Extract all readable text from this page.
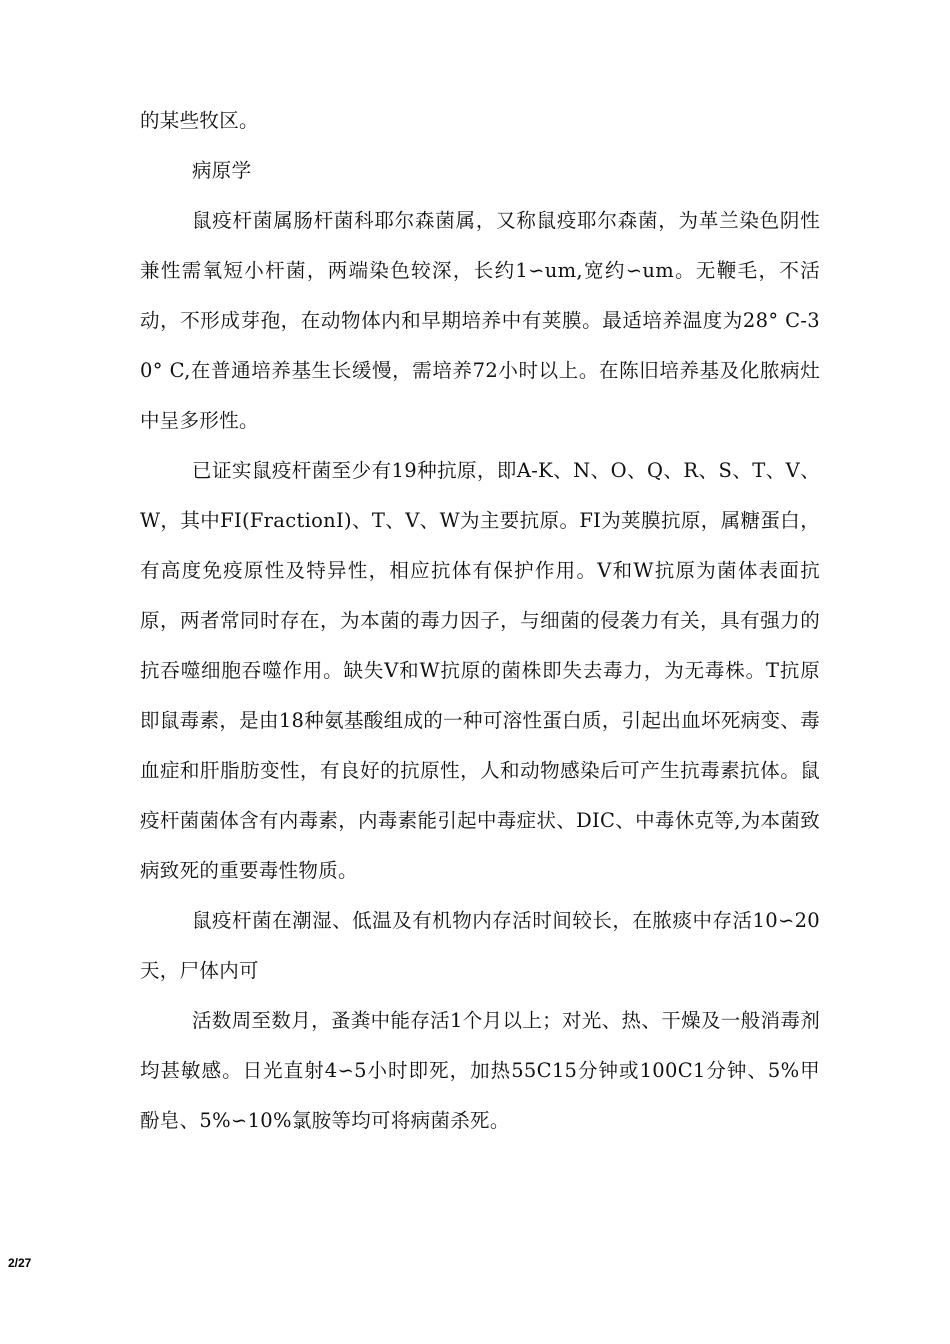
的某些牧区。

病原学

鼠疫杆菌属肠杆菌科耶尔森菌属，又称鼠疫耶尔森菌，为革兰染色阴性兼性需氧短小杆菌，两端染色较深，长约1∽um,宽约∽um。无鞭毛，不活动，不形成芽孢，在动物体内和早期培养中有荚膜。最适培养温度为28° C-30° C,在普通培养基生长缓慢，需培养72小时以上。在陈旧培养基及化脓病灶中呈多形性。

已证实鼠疫杆菌至少有19种抗原，即A-K、N、O、Q、R、S、T、V、W，其中FI(FractionI)、T、V、W为主要抗原。FI为荚膜抗原，属糖蛋白，有高度免疫原性及特异性，相应抗体有保护作用。V和W抗原为菌体表面抗原，两者常同时存在，为本菌的毒力因子，与细菌的侵袭力有关，具有强力的抗吞噬细胞吞噬作用。缺失V和W抗原的菌株即失去毒力，为无毒株。T抗原即鼠毒素，是由18种氨基酸组成的一种可溶性蛋白质，引起出血坏死病变、毒血症和肝脂肪变性，有良好的抗原性，人和动物感染后可产生抗毒素抗体。鼠疫杆菌菌体含有内毒素，内毒素能引起中毒症状、DIC、中毒休克等,为本菌致病致死的重要毒性物质。

鼠疫杆菌在潮湿、低温及有机物内存活时间较长，在脓痰中存活10∽20天，尸体内可

活数周至数月，蚤粪中能存活1个月以上；对光、热、干燥及一般消毒剂均甚敏感。日光直射4∽5小时即死，加热55C15分钟或100C1分钟、5%甲酚皂、5%∽10%氯胺等均可将病菌杀死。

2/27
